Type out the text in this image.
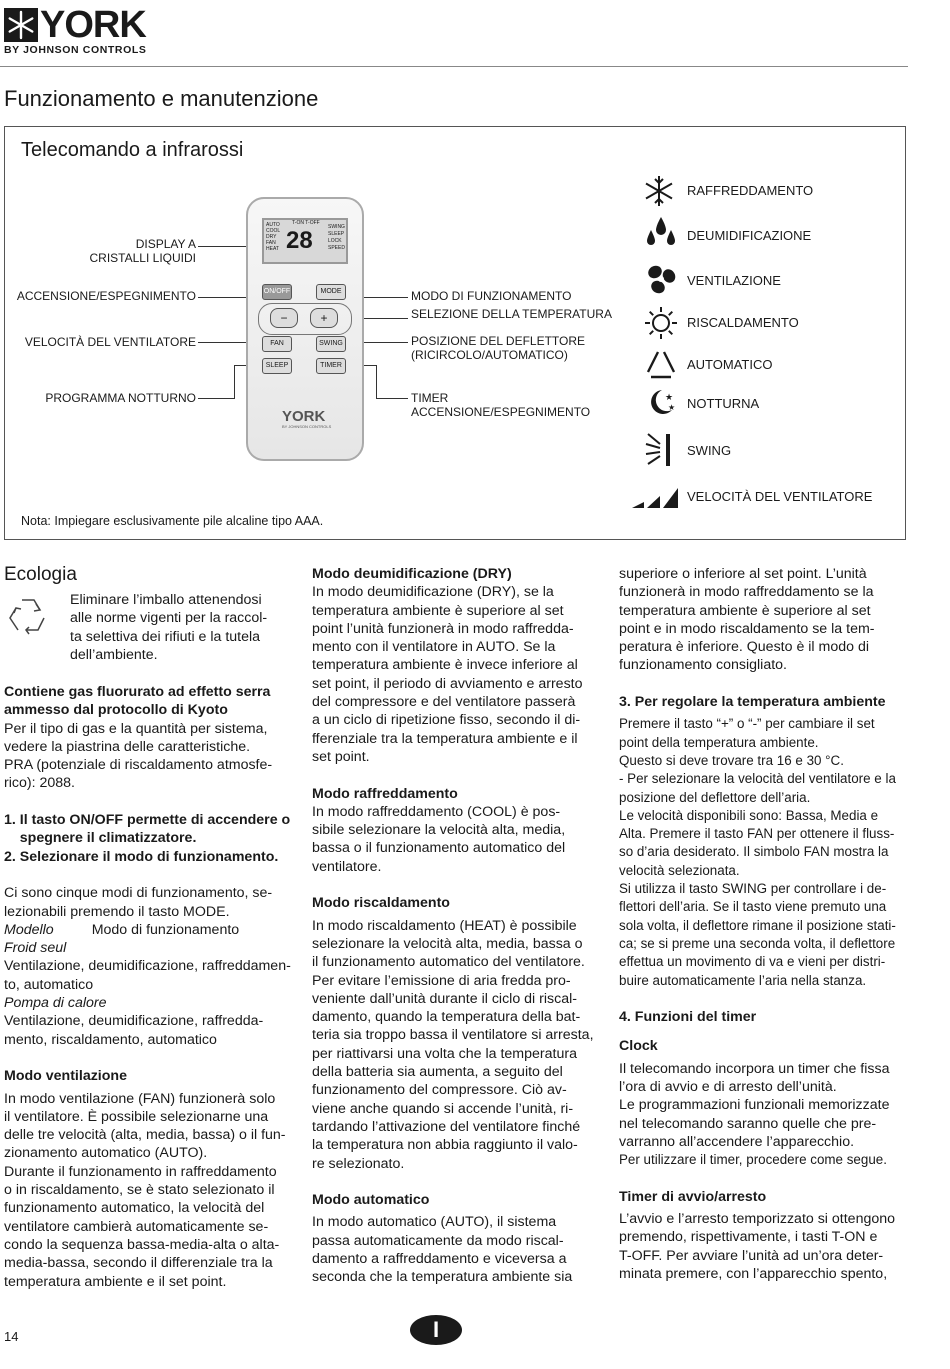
YORK
BY JOHNSON CONTROLS
Funzionamento e manutenzione
Telecomando a infrarossi
DISPLAY A
CRISTALLI LIQUIDI
ACCENSIONE/ESPEGNIMENTO
VELOCITÀ DEL VENTILATORE
PROGRAMMA NOTTURNO
MODO DI FUNZIONAMENTO
SELEZIONE DELLA TEMPERATURA
POSIZIONE DEL DEFLETTORE
(RICIRCOLO/AUTOMATICO)
TIMER
ACCENSIONE/ESPEGNIMENTO
AUTO
COOL
DRY
FAN
HEAT
T-ON T-OFF
28	SWING
SLEEP
LOCK
SPEED
ON/OFF	MODE
−	+
FAN	SWING
SLEEP	TIMER
YORK
BY JOHNSON CONTROLS
★
★
RAFFREDDAMENTO
DEUMIDIFICAZIONE
VENTILAZIONE
RISCALDAMENTO
AUTOMATICO
NOTTURNA
SWING
VELOCITÀ DEL VENTILATORE
Nota: Impiegare esclusivamente pile alcaline tipo AAA.
Ecologia

Eliminare l’imballo attenendosi

alle norme vigenti per la raccol-

ta selettiva dei rifiuti e la tutela

dell’ambiente.

Contiene gas fluorurato ad effetto serra

ammesso dal protocollo di Kyoto

Per il tipo di gas e la quantità per sistema,

vedere la piastrina delle caratteristiche.

PRA (potenziale di riscaldamento atmosfe-

rico): 2088.

1. Il tasto ON/OFF permette di accendere o

spegnere il climatizzatore.

2. Selezionare il modo di funzionamento.

Ci sono cinque modi di funzionamento, se-

lezionabili premendo il tasto MODE.

Modello	Modo di funzionamento

Froid seul

Ventilazione, deumidificazione, raffreddamen-

to, automatico

Pompa di calore

Ventilazione, deumidificazione, raffredda-

mento, riscaldamento, automatico

Modo ventilazione

In modo ventilazione (FAN) funzionerà solo

il ventilatore. È possibile selezionarne una

delle tre velocità (alta, media, bassa) o il fun-

zionamento automatico (AUTO).

Durante il funzionamento in raffreddamento

o in riscaldamento, se è stato selezionato il

funzionamento automatico, la velocità del

ventilatore cambierà automaticamente se-

condo la sequenza bassa-media-alta o alta-

media-bassa, secondo il differenziale tra la

temperatura ambiente e il set point.

Modo deumidificazione (DRY)

In modo deumidificazione (DRY), se la

temperatura ambiente è superiore al set

point l’unità funzionerà in modo raffredda-

mento con il ventilatore in AUTO. Se la

temperatura ambiente è invece inferiore al

set point, il periodo di avviamento e arresto

del compressore e del ventilatore passerà

a un ciclo di ripetizione fisso, secondo il di-

fferenziale tra la temperatura ambiente e il

set point.

Modo raffreddamento

In modo raffreddamento (COOL) è pos-

sibile selezionare la velocità alta, media,

bassa o il funzionamento automatico del

ventilatore.

Modo riscaldamento

In modo riscaldamento (HEAT) è possibile

selezionare la velocità alta, media, bassa o

il funzionamento automatico del ventilatore.

Per evitare l’emissione di aria fredda pro-

veniente dall’unità durante il ciclo di riscal-

damento, quando la temperatura della bat-

teria sia troppo bassa il ventilatore si arresta,

per riattivarsi una volta che la temperatura

della batteria sia aumenta, a seguito del

funzionamento del compressore. Ciò av-

viene anche quando si accende l’unità, ri-

tardando l’attivazione del ventilatore finché

la temperatura non abbia raggiunto il valo-

re selezionato.

Modo automatico

In modo automatico (AUTO), il sistema

passa automaticamente da modo riscal-

damento a raffreddamento e viceversa a

seconda che la temperatura ambiente sia

superiore o inferiore al set point. L’unità

funzionerà in modo raffreddamento se la

temperatura ambiente è superiore al set

point e in modo riscaldamento se la tem-

peratura è inferiore. Questo è il modo di

funzionamento consigliato.

3. Per regolare la temperatura ambiente

Premere il tasto “+” o “-” per cambiare il set

point della temperatura ambiente.

Questo si deve trovare tra 16 e 30 °C.

- Per selezionare la velocità del ventilatore e la

posizione del deflettore dell’aria.

Le velocità disponibili sono: Bassa, Media e

Alta. Premere il tasto FAN per ottenere il fluss-

so d’aria desiderato. Il simbolo FAN mostra la

velocità selezionata.

Si utilizza il tasto SWING per controllare i de-

flettori dell’aria. Se il tasto viene premuto una

sola volta, il deflettore rimane il posizione stati-

ca; se si preme una seconda volta, il deflettore

effettua un movimento di va e vieni per distri-

buire automaticamente l’aria nella stanza.

4. Funzioni del timer

Clock

Il telecomando incorpora un timer che fissa

l’ora di avvio e di arresto dell’unità.

Le programmazioni funzionali memorizzate

nel telecomando saranno quelle che pre-

varranno all’accendere l’apparecchio.

Per utilizzare il timer, procedere come segue.

Timer di avvio/arresto

L’avvio e l’arresto temporizzato si ottengono

premendo, rispettivamente, i tasti T-ON e

T-OFF. Per avviare l’unità ad un’ora deter-

minata premere, con l’apparecchio spento,

14	I
